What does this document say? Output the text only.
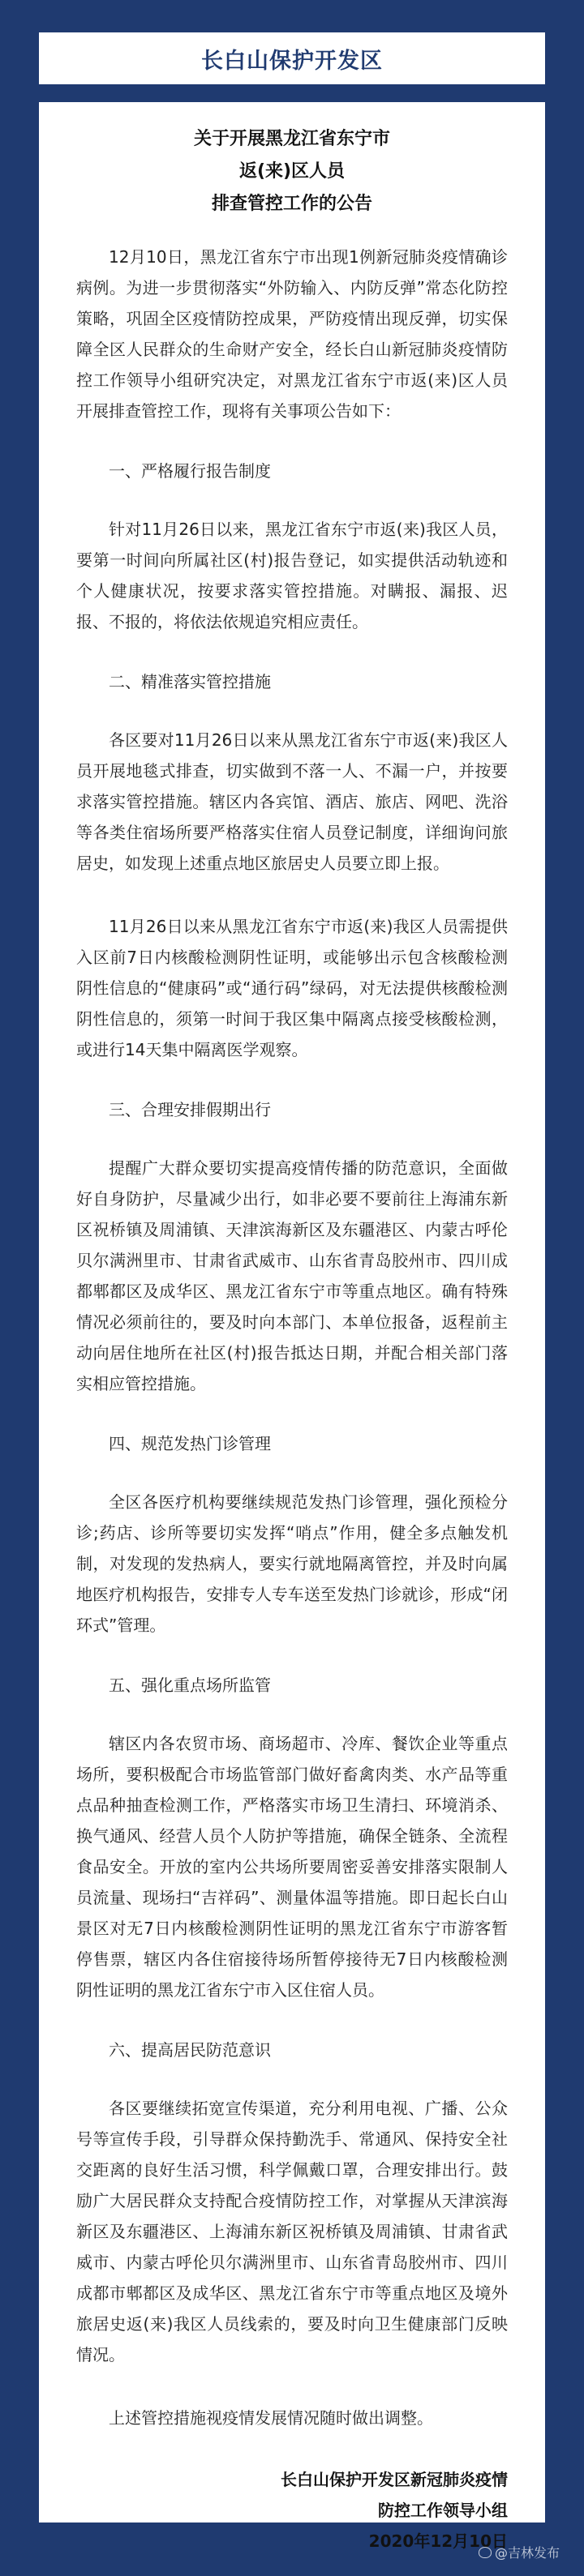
长白山保护开发区
关于开展黑龙江省东宁市
返(来)区人员
排查管控工作的公告

12月10日，黑龙江省东宁市出现1例新冠肺炎疫情确诊病例。为进一步贯彻落实“外防输入、内防反弹”常态化防控策略，巩固全区疫情防控成果，严防疫情出现反弹，切实保障全区人民群众的生命财产安全，经长白山新冠肺炎疫情防控工作领导小组研究决定，对黑龙江省东宁市返(来)区人员开展排查管控工作，现将有关事项公告如下：

一、严格履行报告制度

针对11月26日以来，黑龙江省东宁市返(来)我区人员，要第一时间向所属社区(村)报告登记，如实提供活动轨迹和个人健康状况，按要求落实管控措施。对瞒报、漏报、迟报、不报的，将依法依规追究相应责任。

二、精准落实管控措施

各区要对11月26日以来从黑龙江省东宁市返(来)我区人员开展地毯式排查，切实做到不落一人、不漏一户，并按要求落实管控措施。辖区内各宾馆、酒店、旅店、网吧、洗浴等各类住宿场所要严格落实住宿人员登记制度，详细询问旅居史，如发现上述重点地区旅居史人员要立即上报。

11月26日以来从黑龙江省东宁市返(来)我区人员需提供入区前7日内核酸检测阴性证明，或能够出示包含核酸检测阴性信息的“健康码”或“通行码”绿码，对无法提供核酸检测阴性信息的，须第一时间于我区集中隔离点接受核酸检测，或进行14天集中隔离医学观察。

三、合理安排假期出行

提醒广大群众要切实提高疫情传播的防范意识，全面做好自身防护，尽量减少出行，如非必要不要前往上海浦东新区祝桥镇及周浦镇、天津滨海新区及东疆港区、内蒙古呼伦贝尔满洲里市、甘肃省武威市、山东省青岛胶州市、四川成都郫都区及成华区、黑龙江省东宁市等重点地区。确有特殊情况必须前往的，要及时向本部门、本单位报备，返程前主动向居住地所在社区(村)报告抵达日期，并配合相关部门落实相应管控措施。

四、规范发热门诊管理

全区各医疗机构要继续规范发热门诊管理，强化预检分诊;药店、诊所等要切实发挥“哨点”作用，健全多点触发机制，对发现的发热病人，要实行就地隔离管控，并及时向属地医疗机构报告，安排专人专车送至发热门诊就诊，形成“闭环式”管理。

五、强化重点场所监管

辖区内各农贸市场、商场超市、冷库、餐饮企业等重点场所，要积极配合市场监管部门做好畜禽肉类、水产品等重点品种抽查检测工作，严格落实市场卫生清扫、环境消杀、换气通风、经营人员个人防护等措施，确保全链条、全流程食品安全。开放的室内公共场所要周密妥善安排落实限制人员流量、现场扫“吉祥码”、测量体温等措施。即日起长白山景区对无7日内核酸检测阴性证明的黑龙江省东宁市游客暂停售票，辖区内各住宿接待场所暂停接待无7日内核酸检测阴性证明的黑龙江省东宁市入区住宿人员。

六、提高居民防范意识

各区要继续拓宽宣传渠道，充分利用电视、广播、公众号等宣传手段，引导群众保持勤洗手、常通风、保持安全社交距离的良好生活习惯，科学佩戴口罩，合理安排出行。鼓励广大居民群众支持配合疫情防控工作，对掌握从天津滨海新区及东疆港区、上海浦东新区祝桥镇及周浦镇、甘肃省武威市、内蒙古呼伦贝尔满洲里市、山东省青岛胶州市、四川成都市郫都区及成华区、黑龙江省东宁市等重点地区及境外旅居史返(来)我区人员线索的，要及时向卫生健康部门反映情况。

上述管控措施视疫情发展情况随时做出调整。

长白山保护开发区新冠肺炎疫情
防控工作领导小组
2020年12月10日
@吉林发布
